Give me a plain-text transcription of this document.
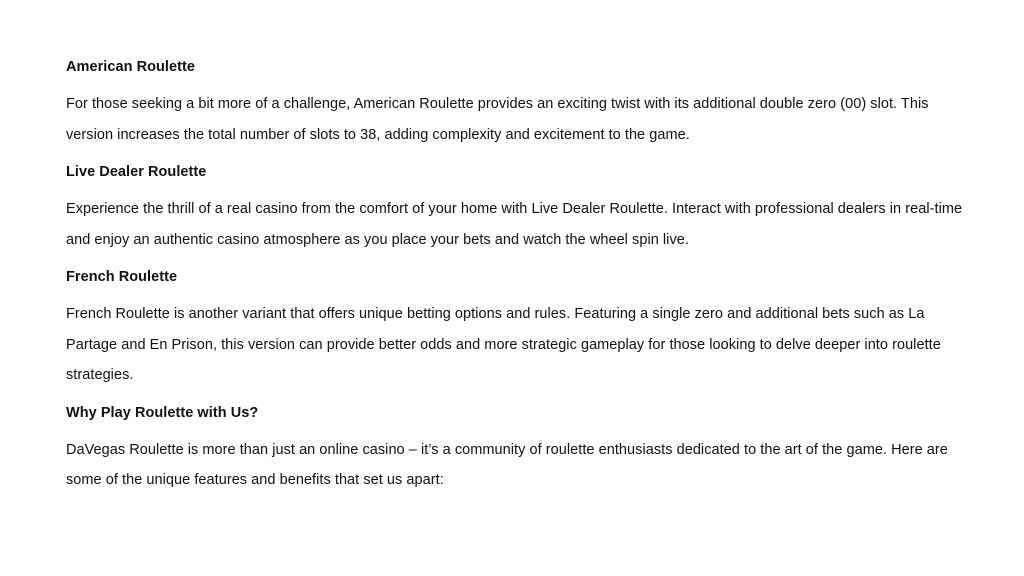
American Roulette

For those seeking a bit more of a challenge, American Roulette provides an exciting twist with its additional double zero (00) slot. This version increases the total number of slots to 38, adding complexity and excitement to the game.

Live Dealer Roulette

Experience the thrill of a real casino from the comfort of your home with Live Dealer Roulette. Interact with professional dealers in real-time and enjoy an authentic casino atmosphere as you place your bets and watch the wheel spin live.

French Roulette

French Roulette is another variant that offers unique betting options and rules. Featuring a single zero and additional bets such as La Partage and En Prison, this version can provide better odds and more strategic gameplay for those looking to delve deeper into roulette strategies.

Why Play Roulette with Us?

DaVegas Roulette is more than just an online casino – it’s a community of roulette enthusiasts dedicated to the art of the game. Here are some of the unique features and benefits that set us apart:
